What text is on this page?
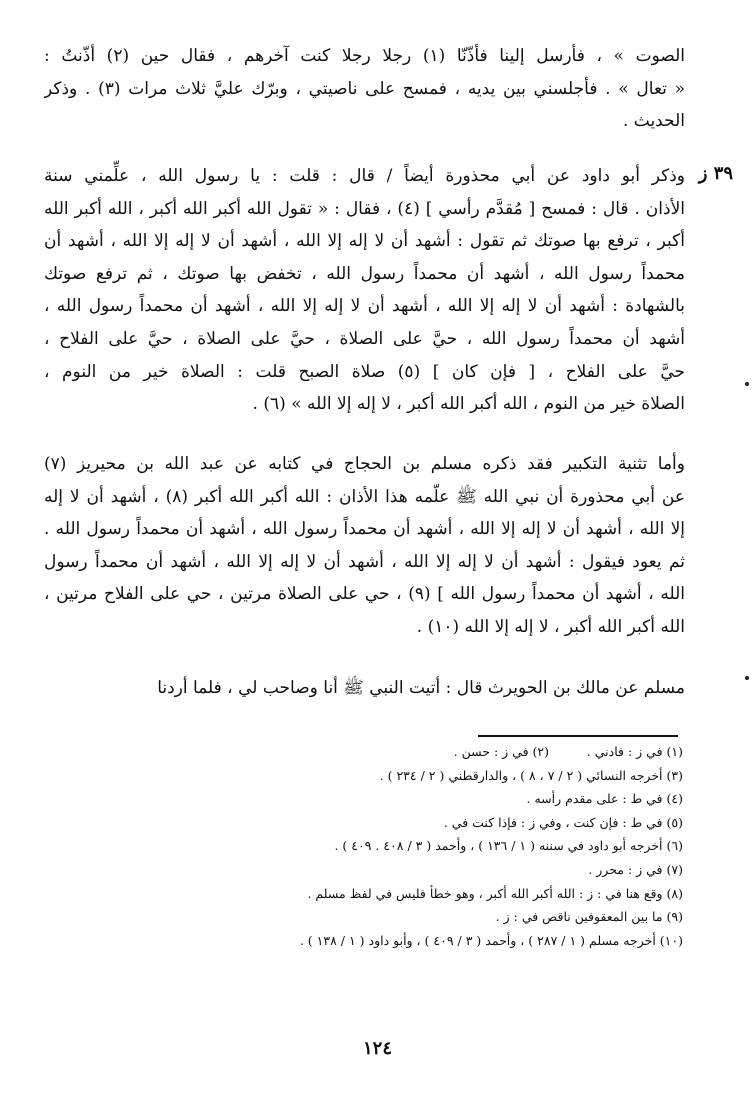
الصوت » ، فأرسل إلينا فأذّنّا (١) رجلا رجلا كنت آخرهم ، فقال حين (٢) أذّنتُ :
« تعال » . فأجلسني بين يديه ، فمسح على ناصيتي ، وبرّك عليَّ ثلاث مرات (٣) . وذكر
الحديث .
٣٩ ز
وذكر أبو داود عن أبي محذورة أيضاً / قال : قلت : يا رسول الله ، علِّمني سنة
الأذان . قال : فمسح [ مُقدَّم رأسي ] (٤) ، فقال : « تقول الله أكبر الله أكبر ، الله أكبر الله
أكبر ، ترفع بها صوتك ثم تقول : أشهد أن لا إله إلا الله ، أشهد أن لا إله إلا الله ، أشهد أن
محمداً رسول الله ، أشهد أن محمداً رسول الله ، تخفض بها صوتك ، ثم ترفع صوتك
بالشهادة : أشهد أن لا إله إلا الله ، أشهد أن لا إله إلا الله ، أشهد أن محمداً رسول الله ،
أشهد أن محمداً رسول الله ، حيَّ على الصلاة ، حيَّ على الصلاة ، حيَّ على الفلاح ،
حيَّ على الفلاح ، [ فإن كان ] (٥) صلاة الصبح قلت : الصلاة خير من النوم ،
الصلاة خير من النوم ، الله أكبر الله أكبر ، لا إله إلا الله » (٦) .
وأما تثنية التكبير فقد ذكره مسلم بن الحجاج في كتابه عن عبد الله بن محيريز (٧)
عن أبي محذورة أن نبي الله ﷺ علّمه هذا الأذان : الله أكبر الله أكبر (٨) ، أشهد أن لا إله
إلا الله ، أشهد أن لا إله إلا الله ، أشهد أن محمداً رسول الله ، أشهد أن محمداً رسول الله .
ثم يعود فيقول : أشهد أن لا إله إلا الله ، أشهد أن لا إله إلا الله ، أشهد أن محمداً رسول
الله ، أشهد أن محمداً رسول الله ] (٩) ، حي على الصلاة مرتين ، حي على الفلاح مرتين ،
الله أكبر الله أكبر ، لا إله إلا الله (١٠) .
مسلم عن مالك بن الحويرث قال : أتيت النبي ﷺ أنا وصاحب لي ، فلما أردنا
(١) في ز : فادني . (٢) في ز : حسن .
(٣) أخرجه النسائي ( ٢ / ٧ ، ٨ ) ، والدارقطني ( ٢ / ٢٣٤ ) .
(٤) في ط : على مقدم رأسه .
(٥) في ط : فإن كنت ، وفي ز : فإذا كنت في .
(٦) أخرجه أبو داود في سننه ( ١ / ١٣٦ ) ، وأحمد ( ٣ / ٤٠٨ . ٤٠٩ ) .
(٧) في ز : محرر .
(٨) وقع هنا في : ز : الله أكبر الله أكبر ، وهو خطأ فليس في لفظ مسلم .
(٩) ما بين المعقوفين ناقص في : ز .
(١٠) أخرجه مسلم ( ١ / ٢٨٧ ) ، وأحمد ( ٣ / ٤٠٩ ) ، وأبو داود ( ١ / ١٣٨ ) .
١٢٤
